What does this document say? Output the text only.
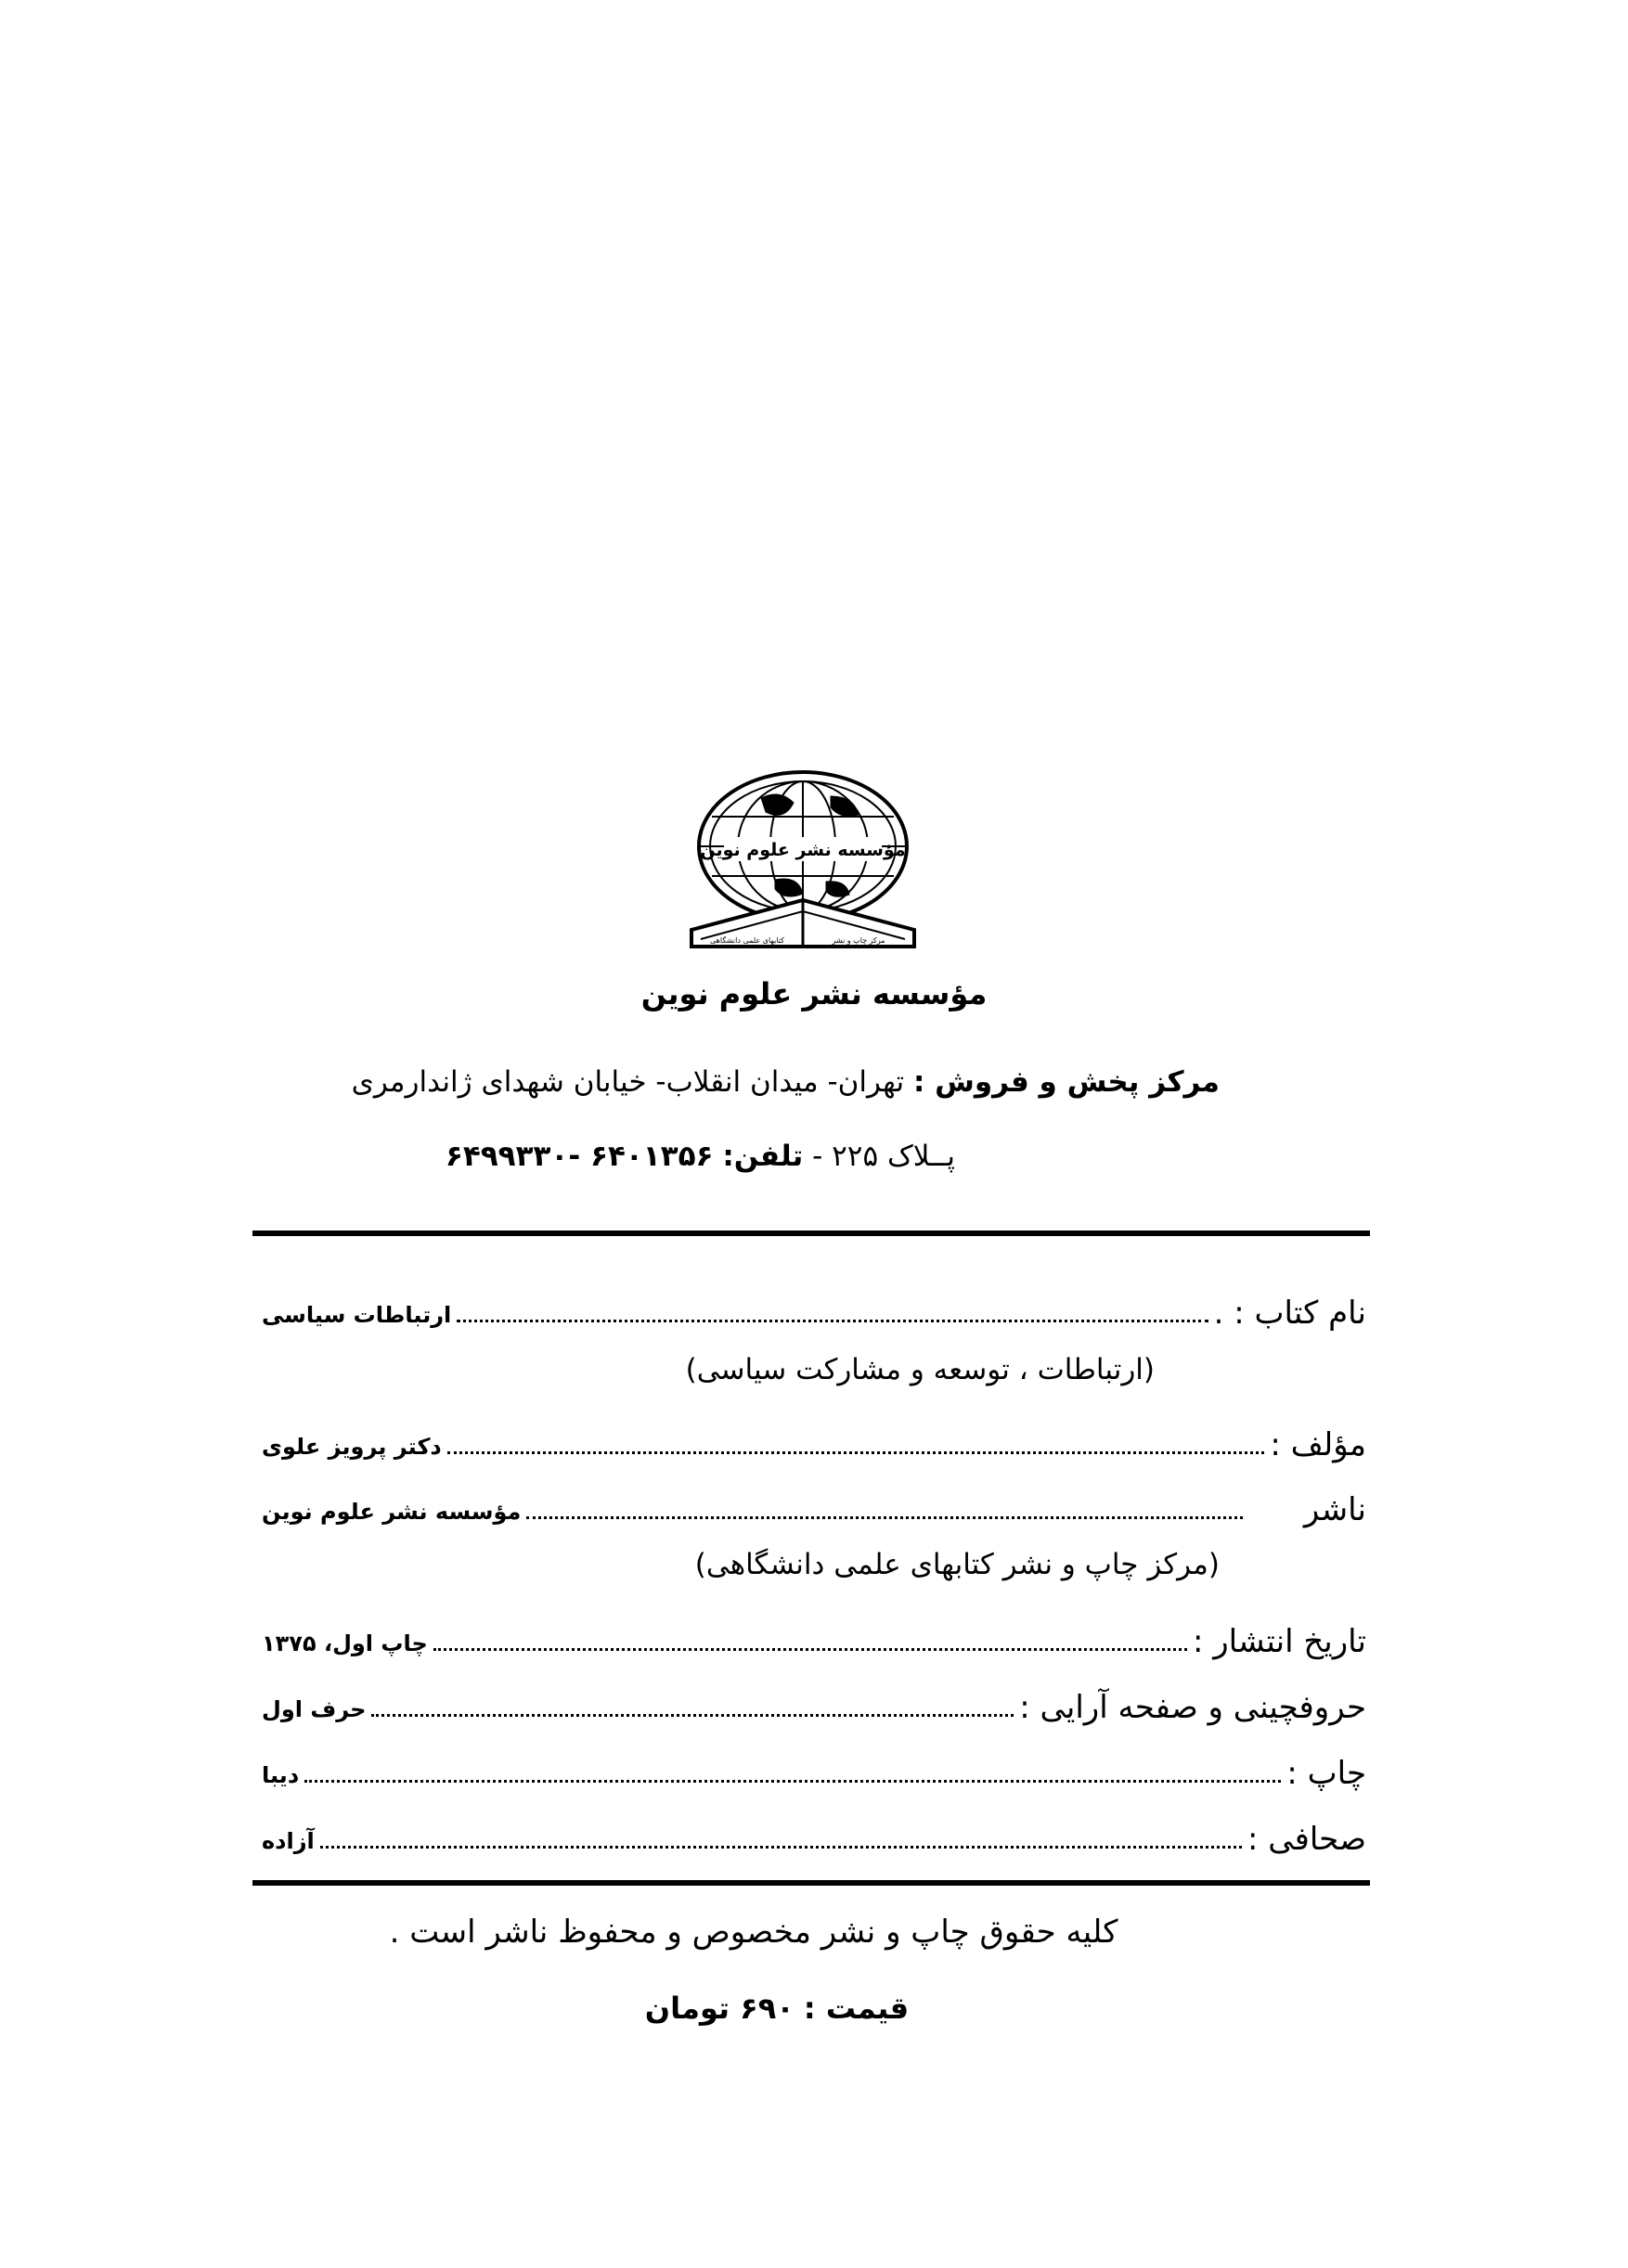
مؤسسه نشر علوم نوین
مرکز چاپ و نشر
کتابهای علمی دانشگاهی
مؤسسه نشر علوم نوین
مرکز پخش و فروش : تهران- میدان انقلاب- خیابان شهدای ژاندارمری
پــلاک ۲۲۵ - تلفن: ۶۴۰۱۳۵۶ -۶۴۹۹۳۳۰
نام کتاب : .
ارتباطات سیاسی
(ارتباطات ، توسعه و مشارکت سیاسی)
مؤلف :
دکتر پرویز علوی
ناشر
مؤسسه نشر علوم نوین
(مرکز چاپ و نشر کتابهای علمی دانشگاهی)
تاریخ انتشار :
چاپ اول، ۱۳۷۵
حروفچینی و صفحه آرایی :
حرف اول
چاپ :
دیبا
صحافی :
آزاده
کلیه حقوق چاپ و نشر مخصوص و محفوظ ناشر است .
قیمت : ۶۹۰ تومان
